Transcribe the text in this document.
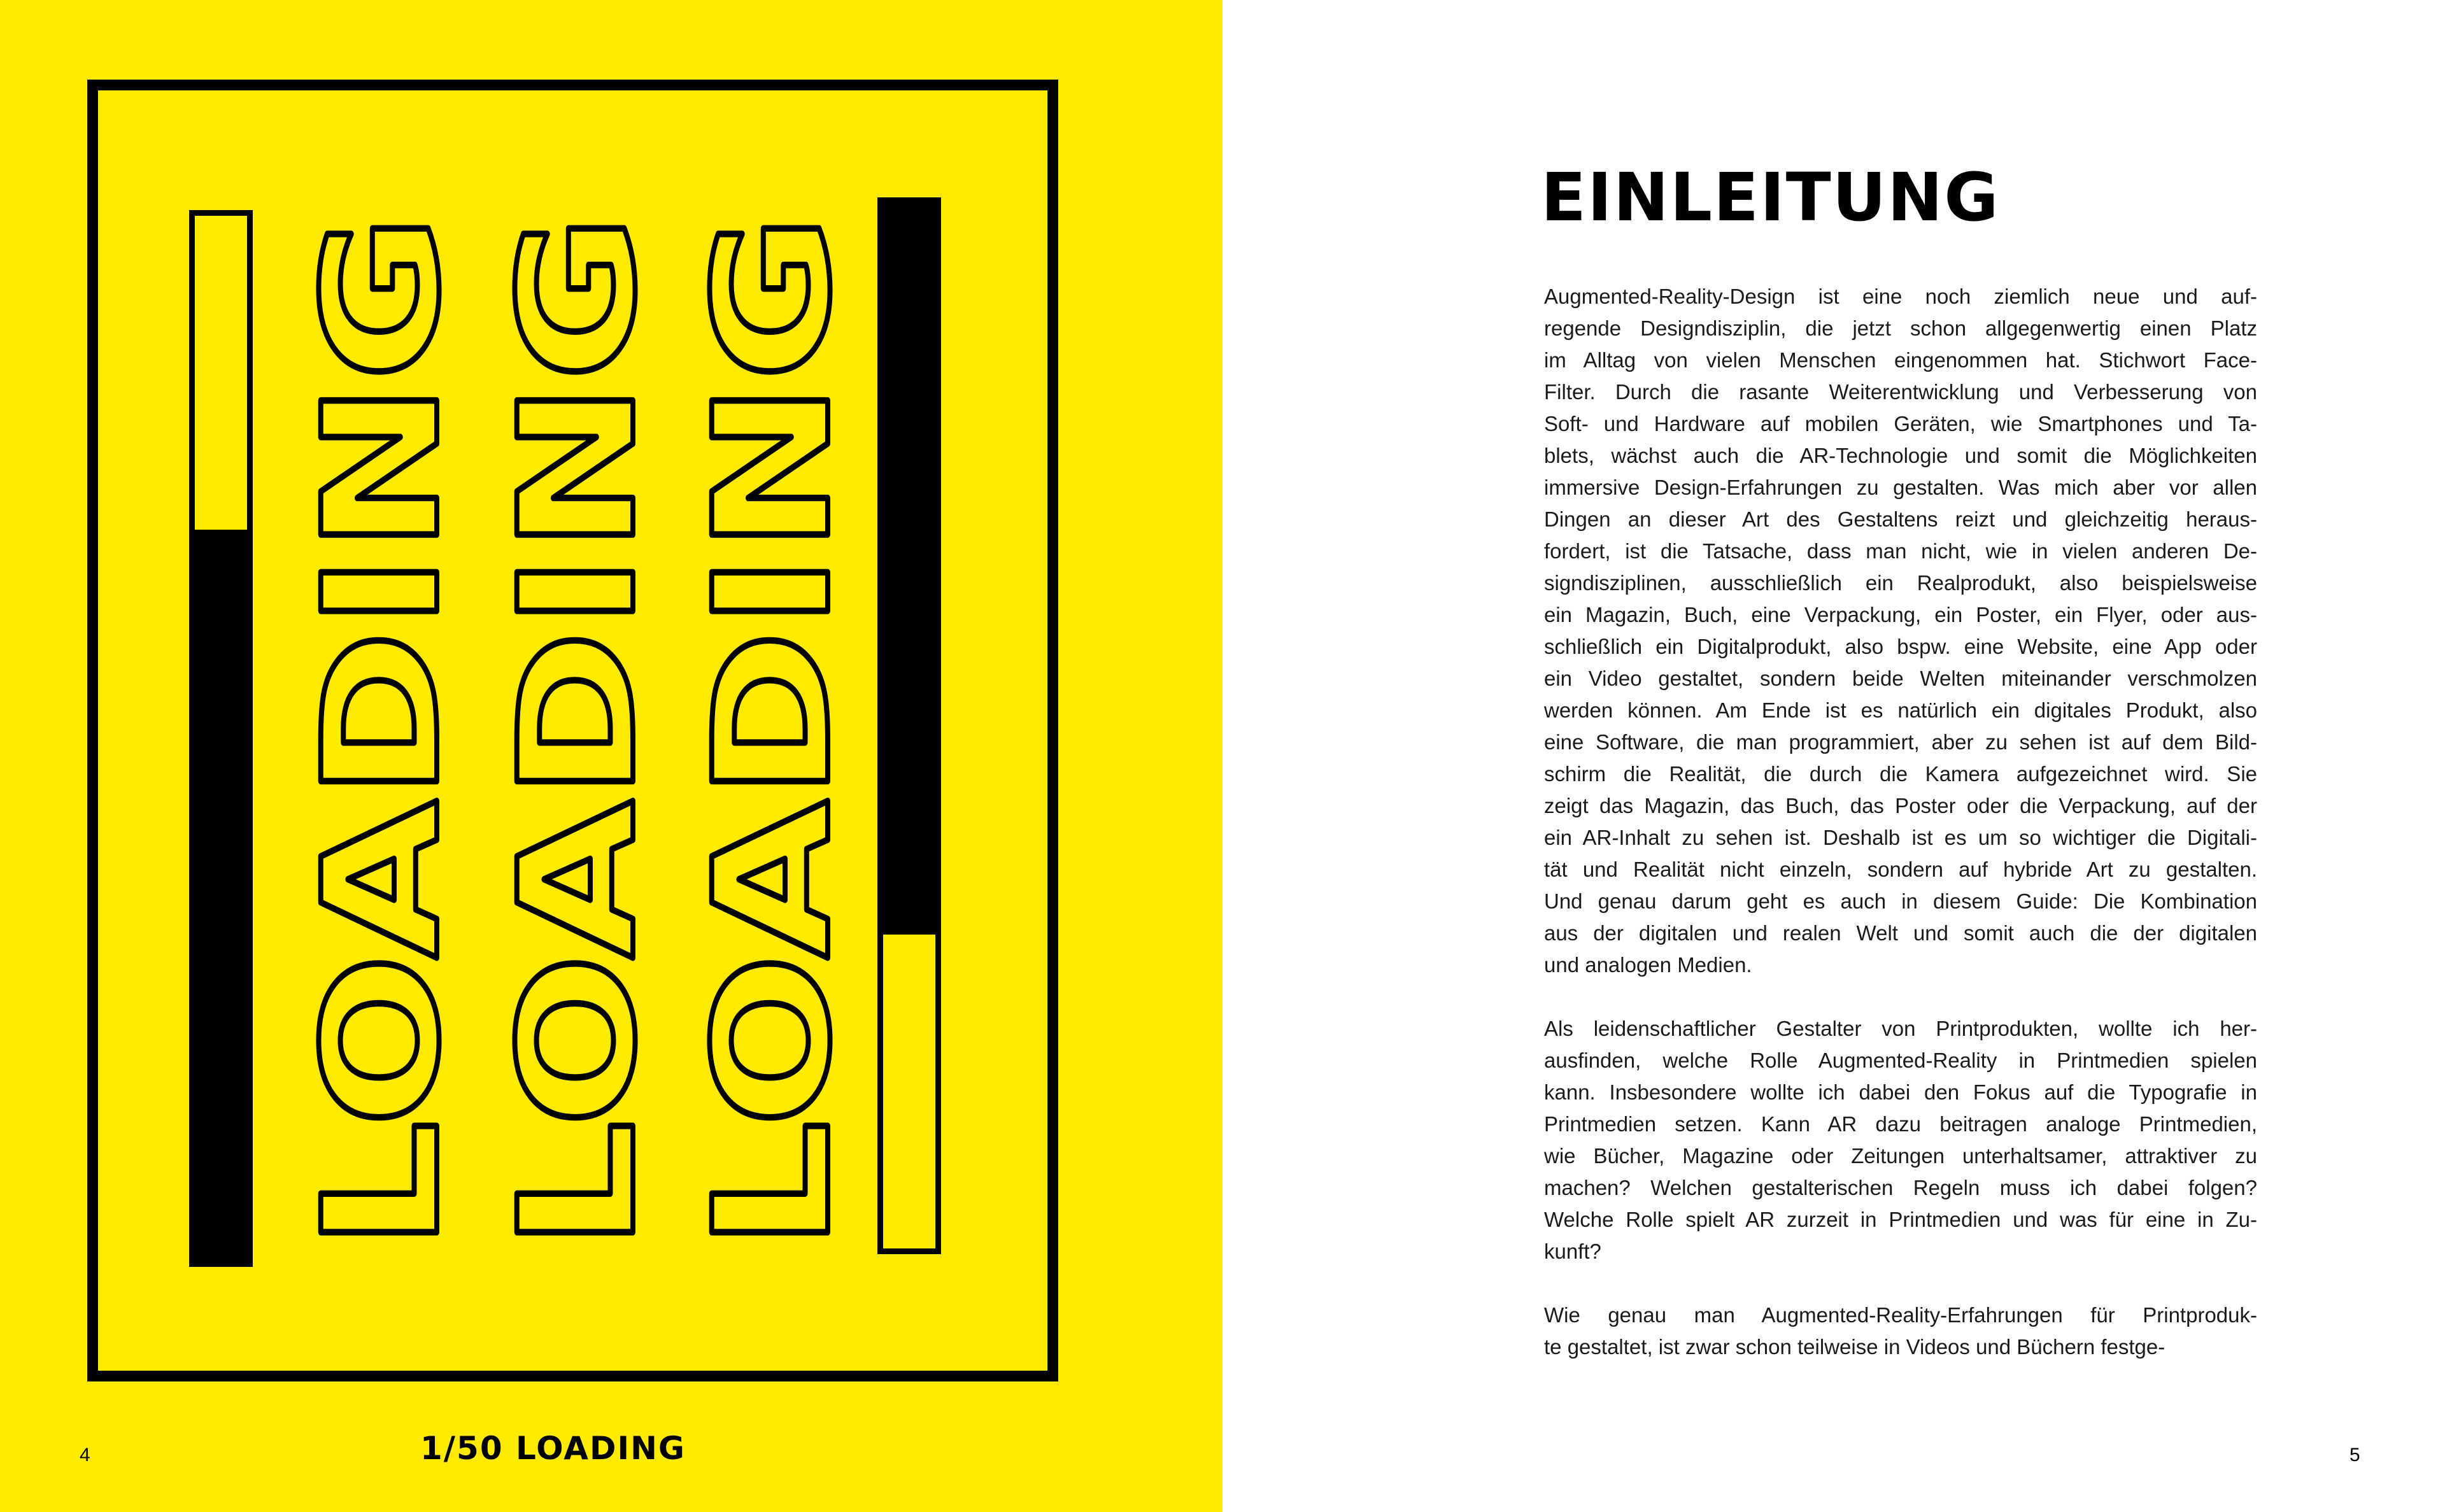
LOADING LOADING LOADING
4	1/50 LOADING
EINLEITUNG
Augmented-Reality-Design ist eine noch ziemlich neue und auf-
regende Designdisziplin, die jetzt schon allgegenwertig einen Platz
im Alltag von vielen Menschen eingenommen hat. Stichwort Face-
Filter. Durch die rasante Weiterentwicklung und Verbesserung von
Soft- und Hardware auf mobilen Geräten, wie Smartphones und Ta-
blets, wächst auch die AR-Technologie und somit die Möglichkeiten
immersive Design-Erfahrungen zu gestalten. Was mich aber vor allen
Dingen an dieser Art des Gestaltens reizt und gleichzeitig heraus-
fordert, ist die Tatsache, dass man nicht, wie in vielen anderen De-
signdisziplinen, ausschließlich ein Realprodukt, also beispielsweise
ein Magazin, Buch, eine Verpackung, ein Poster, ein Flyer, oder aus-
schließlich ein Digitalprodukt, also bspw. eine Website, eine App oder
ein Video gestaltet, sondern beide Welten miteinander verschmolzen
werden können. Am Ende ist es natürlich ein digitales Produkt, also
eine Software, die man programmiert, aber zu sehen ist auf dem Bild-
schirm die Realität, die durch die Kamera aufgezeichnet wird. Sie
zeigt das Magazin, das Buch, das Poster oder die Verpackung, auf der
ein AR-Inhalt zu sehen ist. Deshalb ist es um so wichtiger die Digitali-
tät und Realität nicht einzeln, sondern auf hybride Art zu gestalten.
Und genau darum geht es auch in diesem Guide: Die Kombination
aus der digitalen und realen Welt und somit auch die der digitalen
und analogen Medien.
Als leidenschaftlicher Gestalter von Printprodukten, wollte ich her-
ausfinden, welche Rolle Augmented-Reality in Printmedien spielen
kann. Insbesondere wollte ich dabei den Fokus auf die Typografie in
Printmedien setzen. Kann AR dazu beitragen analoge Printmedien,
wie Bücher, Magazine oder Zeitungen unterhaltsamer, attraktiver zu
machen? Welchen gestalterischen Regeln muss ich dabei folgen?
Welche Rolle spielt AR zurzeit in Printmedien und was für eine in Zu-
kunft?
Wie genau man Augmented-Reality-Erfahrungen für Printproduk-
te gestaltet, ist zwar schon teilweise in Videos und Büchern festge-
5
